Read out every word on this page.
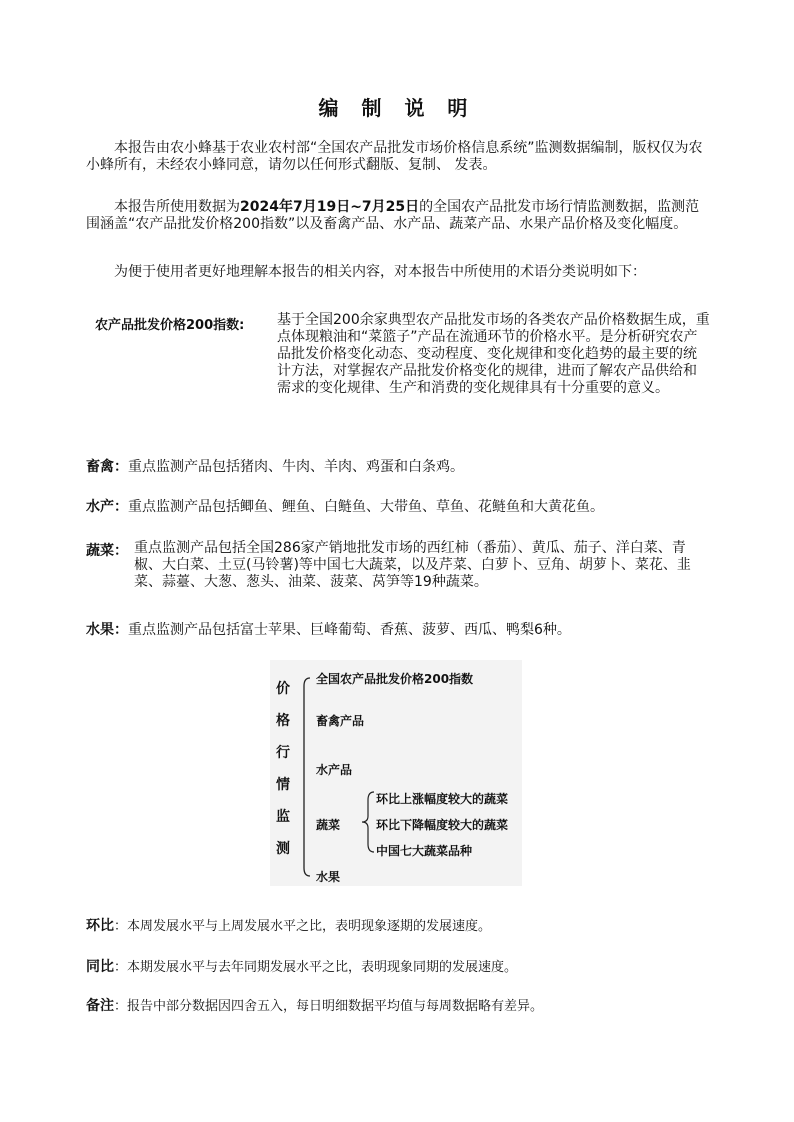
编 制 说 明
本报告由农小蜂基于农业农村部“全国农产品批发市场价格信息系统”监测数据编制，版权仅为农小蜂所有，未经农小蜂同意，请勿以任何形式翻版、复制、 发表。
本报告所使用数据为2024年7月19日~7月25日的全国农产品批发市场行情监测数据，监测范围涵盖“农产品批发价格200指数”以及畜禽产品、水产品、蔬菜产品、水果产品价格及变化幅度。
为便于使用者更好地理解本报告的相关内容，对本报告中所使用的术语分类说明如下：
农产品批发价格200指数:	基于全国200余家典型农产品批发市场的各类农产品价格数据生成，重点体现粮油和“菜篮子”产品在流通环节的价格水平。是分析研究农产品批发价格变化动态、变动程度、变化规律和变化趋势的最主要的统计方法，对掌握农产品批发价格变化的规律，进而了解农产品供给和需求的变化规律、生产和消费的变化规律具有十分重要的意义。
畜禽：重点监测产品包括猪肉、牛肉、羊肉、鸡蛋和白条鸡。
水产：重点监测产品包括鲫鱼、鲤鱼、白鲢鱼、大带鱼、草鱼、花鲢鱼和大黄花鱼。
蔬菜： 重点监测产品包括全国286家产销地批发市场的西红柿（番茄）、黄瓜、茄子、洋白菜、青椒、大白菜、土豆(马铃薯)等中国七大蔬菜，以及芹菜、白萝卜、豆角、胡萝卜、菜花、韭菜、蒜薹、大葱、葱头、油菜、菠菜、莴笋等19种蔬菜。
水果：重点监测产品包括富士苹果、巨峰葡萄、香蕉、菠萝、西瓜、鸭梨6种。
价
格
行
情
监
测
全国农产品批发价格200指数
畜禽产品
水产品
蔬菜
水果
环比上涨幅度较大的蔬菜
环比下降幅度较大的蔬菜
中国七大蔬菜品种
环比：本周发展水平与上周发展水平之比，表明现象逐期的发展速度。
同比：本期发展水平与去年同期发展水平之比，表明现象同期的发展速度。
备注：报告中部分数据因四舍五入，每日明细数据平均值与每周数据略有差异。
